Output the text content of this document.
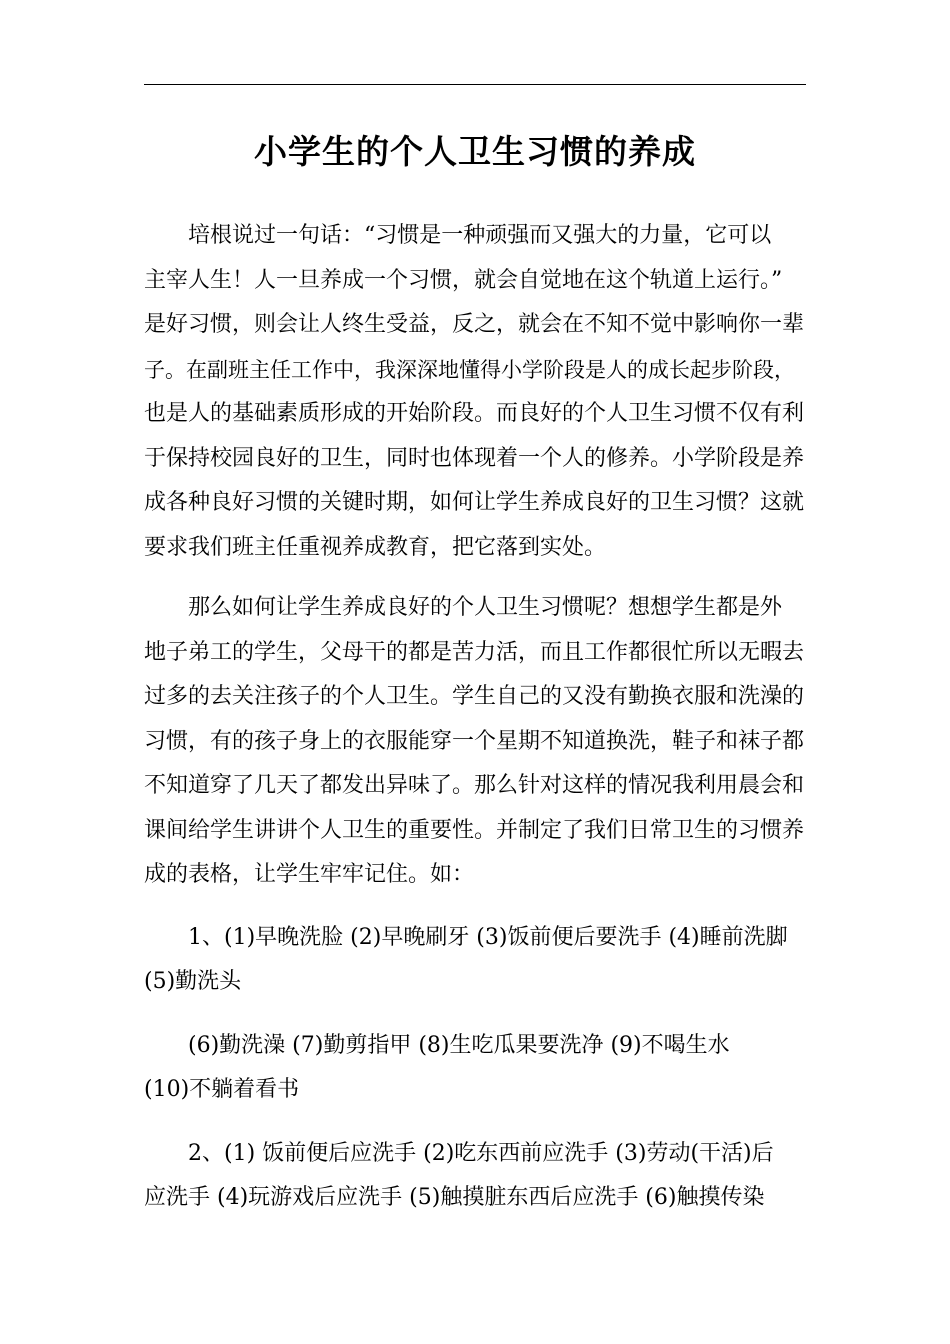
小学生的个人卫生习惯的养成
　　培根说过一句话：“习惯是一种顽强而又强大的力量，它可以
主宰人生！人一旦养成一个习惯，就会自觉地在这个轨道上运行。”
是好习惯，则会让人终生受益，反之，就会在不知不觉中影响你一辈
子。在副班主任工作中，我深深地懂得小学阶段是人的成长起步阶段，
也是人的基础素质形成的开始阶段。而良好的个人卫生习惯不仅有利
于保持校园良好的卫生，同时也体现着一个人的修养。小学阶段是养
成各种良好习惯的关键时期，如何让学生养成良好的卫生习惯？这就
要求我们班主任重视养成教育，把它落到实处。
　　那么如何让学生养成良好的个人卫生习惯呢？想想学生都是外
地子弟工的学生，父母干的都是苦力活，而且工作都很忙所以无暇去
过多的去关注孩子的个人卫生。学生自己的又没有勤换衣服和洗澡的
习惯，有的孩子身上的衣服能穿一个星期不知道换洗，鞋子和袜子都
不知道穿了几天了都发出异味了。那么针对这样的情况我利用晨会和
课间给学生讲讲个人卫生的重要性。并制定了我们日常卫生的习惯养
成的表格，让学生牢牢记住。如：
　　1、(1)早晚洗脸 (2)早晚刷牙 (3)饭前便后要洗手 (4)睡前洗脚
(5)勤洗头
　　(6)勤洗澡 (7)勤剪指甲 (8)生吃瓜果要洗净 (9)不喝生水
(10)不躺着看书
　　2、(1) 饭前便后应洗手 (2)吃东西前应洗手 (3)劳动(干活)后
应洗手 (4)玩游戏后应洗手 (5)触摸脏东西后应洗手 (6)触摸传染
